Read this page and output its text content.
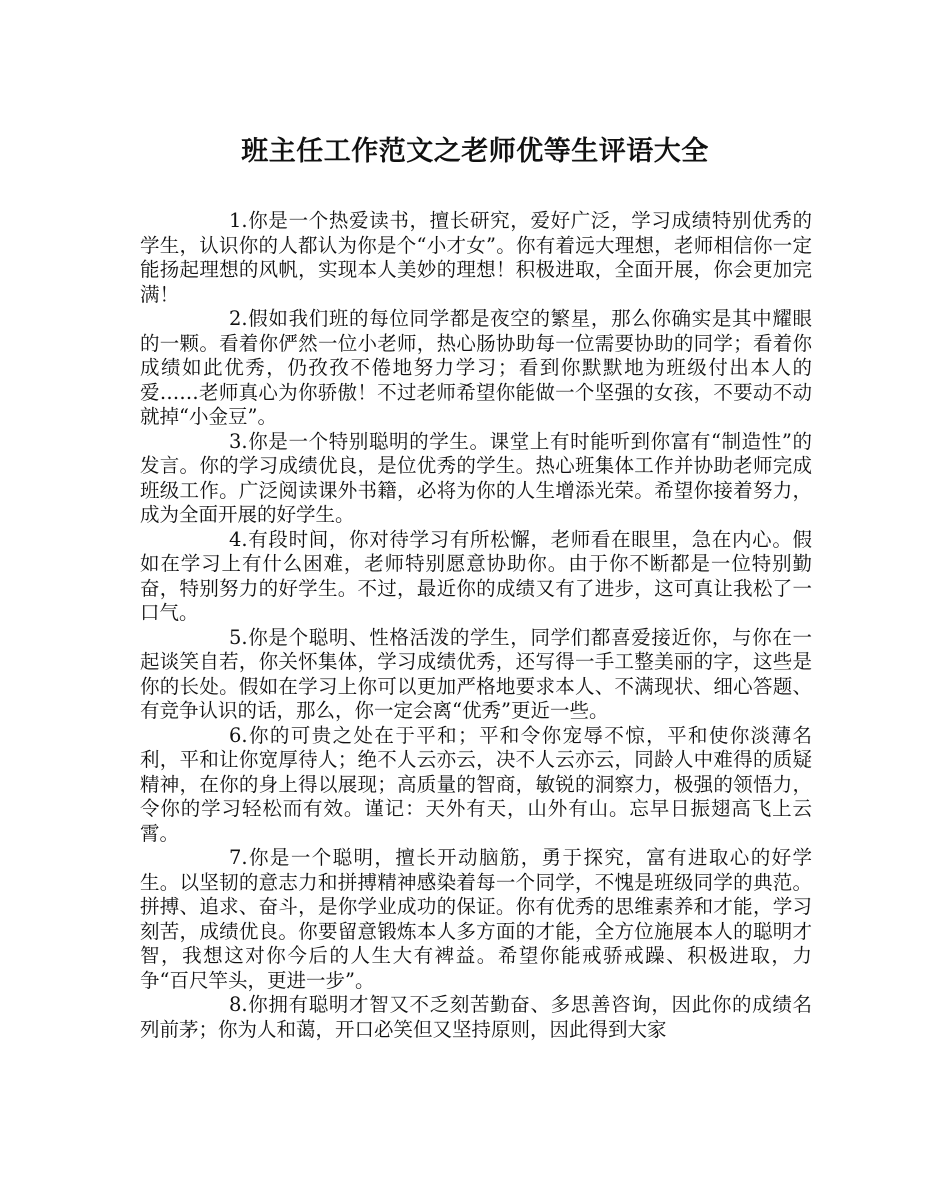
班主任工作范文之老师优等生评语大全

1.你是一个热爱读书，擅长研究，爱好广泛，学习成绩特别优秀的学生，认识你的人都认为你是个“小才女”。你有着远大理想，老师相信你一定能扬起理想的风帆，实现本人美妙的理想！积极进取，全面开展，你会更加完满！

2.假如我们班的每位同学都是夜空的繁星，那么你确实是其中耀眼的一颗。看着你俨然一位小老师，热心肠协助每一位需要协助的同学；看着你成绩如此优秀，仍孜孜不倦地努力学习；看到你默默地为班级付出本人的爱……老师真心为你骄傲！不过老师希望你能做一个坚强的女孩，不要动不动就掉“小金豆”。

3.你是一个特别聪明的学生。课堂上有时能听到你富有“制造性”的发言。你的学习成绩优良，是位优秀的学生。热心班集体工作并协助老师完成班级工作。广泛阅读课外书籍，必将为你的人生增添光荣。希望你接着努力，成为全面开展的好学生。

4.有段时间，你对待学习有所松懈，老师看在眼里，急在内心。假如在学习上有什么困难，老师特别愿意协助你。由于你不断都是一位特别勤奋，特别努力的好学生。不过，最近你的成绩又有了进步，这可真让我松了一口气。

5.你是个聪明、性格活泼的学生，同学们都喜爱接近你，与你在一起谈笑自若，你关怀集体，学习成绩优秀，还写得一手工整美丽的字，这些是你的长处。假如在学习上你可以更加严格地要求本人、不满现状、细心答题、有竞争认识的话，那么，你一定会离“优秀”更近一些。

6.你的可贵之处在于平和；平和令你宠辱不惊，平和使你淡薄名利，平和让你宽厚待人；绝不人云亦云，决不人云亦云，同龄人中难得的质疑精神，在你的身上得以展现；高质量的智商，敏锐的洞察力，极强的领悟力，令你的学习轻松而有效。谨记：天外有天，山外有山。忘早日振翅高飞上云霄。

7.你是一个聪明，擅长开动脑筋，勇于探究，富有进取心的好学生。以坚韧的意志力和拼搏精神感染着每一个同学，不愧是班级同学的典范。拼搏、追求、奋斗，是你学业成功的保证。你有优秀的思维素养和才能，学习刻苦，成绩优良。你要留意锻炼本人多方面的才能，全方位施展本人的聪明才智，我想这对你今后的人生大有裨益。希望你能戒骄戒躁、积极进取，力争“百尺竿头，更进一步”。

8.你拥有聪明才智又不乏刻苦勤奋、多思善咨询，因此你的成绩名列前茅；你为人和蔼，开口必笑但又坚持原则，因此得到大家
